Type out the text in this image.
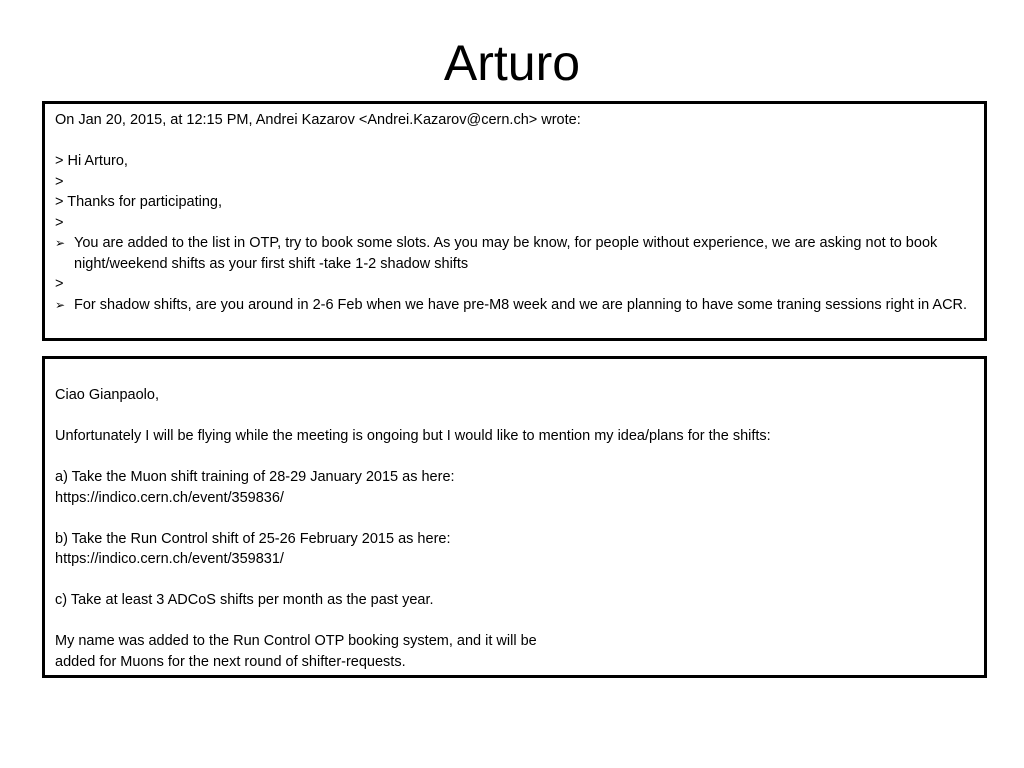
Arturo
On Jan 20, 2015, at 12:15 PM, Andrei Kazarov <Andrei.Kazarov@cern.ch> wrote:
> Hi Arturo,
>
> Thanks for participating,
>
➢ You are added to the list in OTP, try to book some slots. As you may be know, for people without experience, we are asking not to book night/weekend shifts as your first shift -take 1-2 shadow shifts
>
➢ For shadow shifts, are you around in 2-6 Feb when we have pre-M8 week and we are planning to have some traning sessions right in ACR.
Ciao Gianpaolo,
Unfortunately I will be flying while the meeting is ongoing but I would like to mention my idea/plans for the shifts:
a) Take the Muon shift training of 28-29 January 2015 as here:
https://indico.cern.ch/event/359836/
b) Take the Run Control shift of 25-26 February 2015 as here:
https://indico.cern.ch/event/359831/
c) Take at least 3 ADCoS shifts per month as the past year.
My name was added to the Run Control OTP booking system, and it will be
added for Muons for the next round of shifter-requests.
